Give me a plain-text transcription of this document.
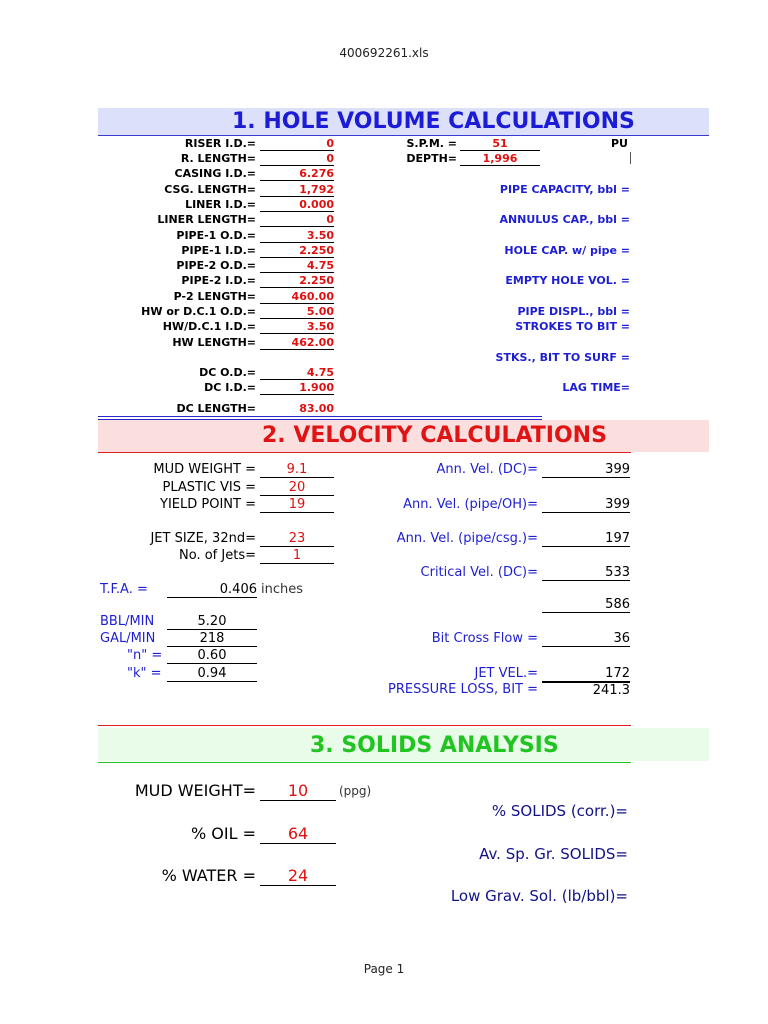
400692261.xls
1. HOLE VOLUME CALCULATIONS
RISER I.D.=	0
R. LENGTH=	0
CASING I.D.=	6.276
CSG. LENGTH=	1,792
LINER I.D.=	0.000
LINER LENGTH=	0
PIPE-1 O.D.=	3.50
PIPE-1 I.D.=	2.250
PIPE-2 O.D.=	4.75
PIPE-2 I.D.=	2.250
P-2 LENGTH=	460.00
HW or D.C.1 O.D.=	5.00
HW/D.C.1 I.D.=	3.50
HW LENGTH=	462.00
DC O.D.=	4.75
DC I.D.=	1.900
DC LENGTH=	83.00
S.P.M. =	51
DEPTH=	1,996
PU
PIPE CAPACITY, bbl =
ANNULUS CAP., bbl =
HOLE CAP. w/ pipe =
EMPTY HOLE VOL. =
PIPE DISPL., bbl =
STROKES TO BIT =
STKS., BIT TO SURF =
LAG TIME=
2. VELOCITY CALCULATIONS
MUD WEIGHT =	9.1
PLASTIC VIS =	20
YIELD POINT =	19
JET SIZE, 32nd=	23
No. of Jets=	1
T.F.A. =	0.406 inches
BBL/MIN	5.20
GAL/MIN	218
"n" =	0.60
"k" =	0.94
Ann. Vel. (DC)=	399
Ann. Vel. (pipe/OH)=	399
Ann. Vel. (pipe/csg.)=	197
Critical Vel. (DC)=	533
586
Bit Cross Flow =	36
JET VEL.=	172
PRESSURE LOSS, BIT =	241.3
3. SOLIDS ANALYSIS
MUD WEIGHT=	10	(ppg)
% OIL =	64
% WATER =	24
% SOLIDS (corr.)=
Av. Sp. Gr. SOLIDS=
Low Grav. Sol. (lb/bbl)=
Page 1
